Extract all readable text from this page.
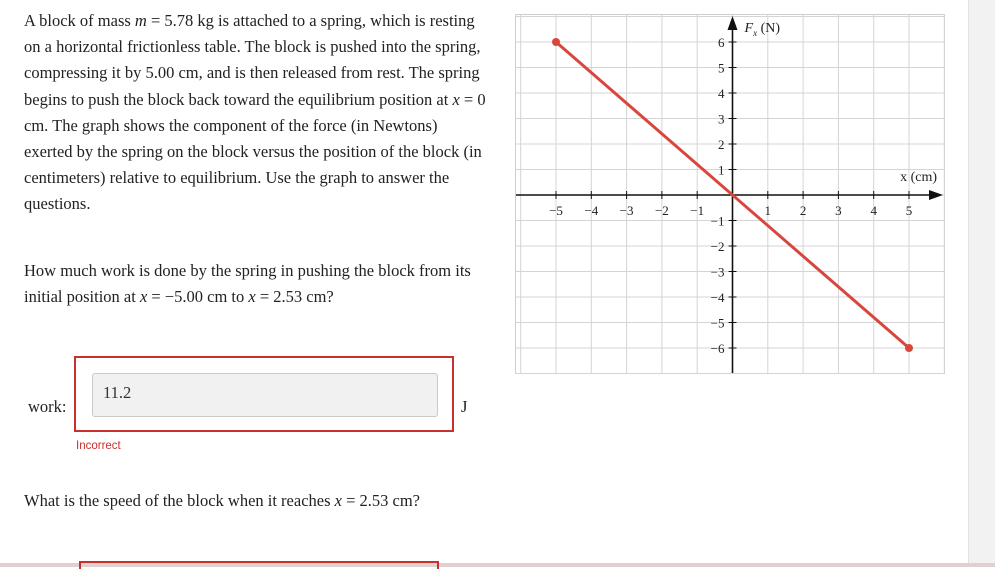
A block of mass m = 5.78 kg is attached to a spring, which is resting on a horizontal frictionless table. The block is pushed into the spring, compressing it by 5.00 cm, and is then released from rest. The spring begins to push the block back toward the equilibrium position at x = 0 cm. The graph shows the component of the force (in Newtons) exerted by the spring on the block versus the position of the block (in centimeters) relative to equilibrium. Use the graph to answer the questions.	−5 −4 −3 −2 −1	1 2 3 4 5
−6
−5
−4
−3
−2
−1
1
2
3
4
5
6
x (cm)
$F_x$ (N)
How much work is done by the spring in pushing the block from its initial position at x = −5.00 cm to x = 2.53 cm?
work:
11.2
J
Incorrect
What is the speed of the block when it reaches x = 2.53 cm?
